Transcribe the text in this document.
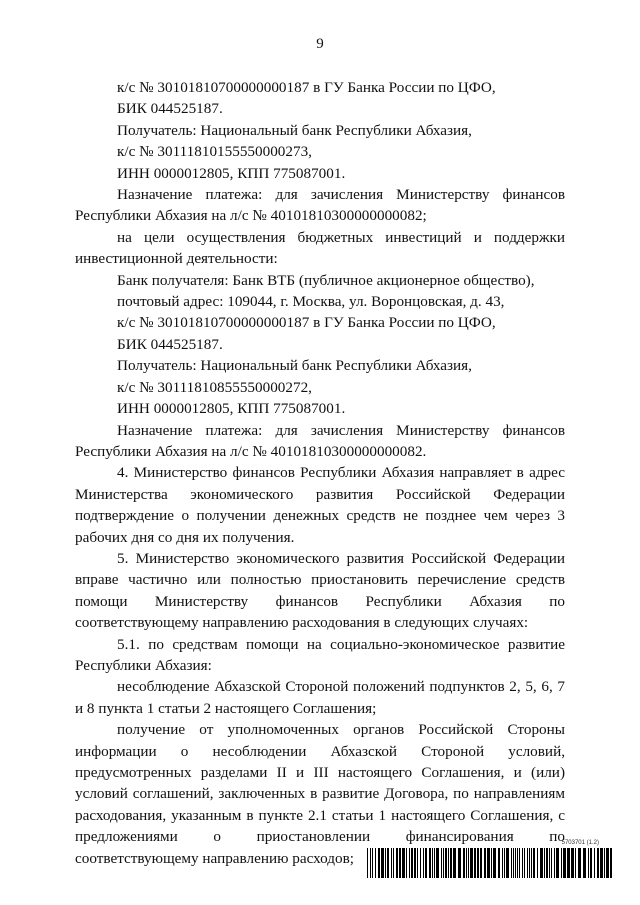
9

к/с № 30101810700000000187 в ГУ Банка России по ЦФО,

БИК 044525187.

Получатель: Национальный банк Республики Абхазия,

к/с № 30111810155550000273,

ИНН 0000012805, КПП 775087001.

Назначение платежа: для зачисления Министерству финансов Республики Абхазия на л/с № 40101810300000000082;

на цели осуществления бюджетных инвестиций и поддержки инвестиционной деятельности:

Банк получателя: Банк ВТБ (публичное акционерное общество),

почтовый адрес: 109044, г. Москва, ул. Воронцовская, д. 43,

к/с № 30101810700000000187 в ГУ Банка России по ЦФО,

БИК 044525187.

Получатель: Национальный банк Республики Абхазия,

к/с № 30111810855550000272,

ИНН 0000012805, КПП 775087001.

Назначение платежа: для зачисления Министерству финансов Республики Абхазия на л/с № 40101810300000000082.

4. Министерство финансов Республики Абхазия направляет в адрес Министерства экономического развития Российской Федерации подтверждение о получении денежных средств не позднее чем через 3 рабочих дня со дня их получения.

5. Министерство экономического развития Российской Федерации вправе частично или полностью приостановить перечисление средств помощи Министерству финансов Республики Абхазия по соответствующему направлению расходования в следующих случаях:

5.1. по средствам помощи на социально-экономическое развитие Республики Абхазия:

несоблюдение Абхазской Стороной положений подпунктов 2, 5, 6, 7 и 8 пункта 1 статьи 2 настоящего Соглашения;

получение от уполномоченных органов Российской Стороны информации о несоблюдении Абхазской Стороной условий, предусмотренных разделами II и III настоящего Соглашения, и (или) условий соглашений, заключенных в развитие Договора, по направлениям расходования, указанным в пункте 2.1 статьи 1 настоящего Соглашения, с предложениями о приостановлении финансирования по соответствующему направлению расходов;

5703701 (1.2)
